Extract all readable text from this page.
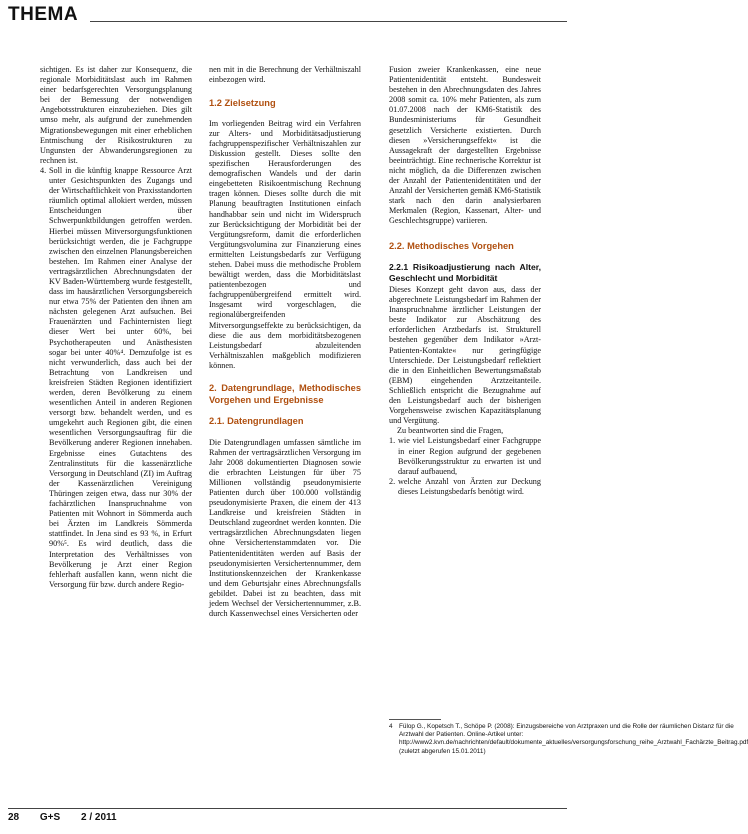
THEMA

sichtigen. Es ist daher zur Konsequenz, die regionale Morbiditätslast auch im Rahmen einer bedarfsgerechten Versorgungsplanung bei der Bemessung der notwendigen Angebotsstrukturen einzubeziehen. Dies gilt umso mehr, als aufgrund der zunehmenden Migrationsbewegungen mit einer erheblichen Entmischung der Risikostrukturen zu Ungunsten der Abwanderungsregionen zu rechnen ist.

4. Soll in die künftig knappe Ressource Arzt unter Gesichtspunkten des Zugangs und der Wirtschaftlichkeit von Praxisstandorten räumlich optimal allokiert werden, müssen Entscheidungen über Schwerpunktbildungen getroffen werden. Hierbei müssen Mitversorgungsfunktionen berücksichtigt werden, die je Fachgruppe zwischen den einzelnen Planungsbereichen bestehen. Im Rahmen einer Analyse der vertragsärztlichen Abrechnungsdaten der KV Baden-Württemberg wurde festgestellt, dass im hausärztlichen Versorgungsbereich nur etwa 75% der Patienten den ihnen am nächsten gelegenen Arzt aufsuchen. Bei Frauenärzten und Fachinternisten liegt dieser Wert bei unter 60%, bei Psychotherapeuten und Anästhesisten sogar bei unter 40%⁴. Demzufolge ist es nicht verwunderlich, dass auch bei der Betrachtung von Landkreisen und kreisfreien Städten Regionen identifiziert werden, deren Bevölkerung zu einem wesentlichen Anteil in anderen Regionen versorgt bzw. behandelt werden, und es umgekehrt auch Regionen gibt, die einen wesentlichen Versorgungsauftrag für die Bevölkerung anderer Regionen innehaben. Ergebnisse eines Gutachtens des Zentralinstituts für die kassenärztliche Versorgung in Deutschland (ZI) im Auftrag der Kassenärztlichen Vereinigung Thüringen zeigen etwa, dass nur 30% der fachärztlichen Inanspruchnahme von Patienten mit Wohnort in Sömmerda auch bei Ärzten im Landkreis Sömmerda stattfindet. In Jena sind es 93 %, in Erfurt 90%⁵. Es wird deutlich, dass die Interpretation des Verhältnisses von Bevölkerung je Arzt einer Region fehlerhaft ausfallen kann, wenn nicht die Versorgung für bzw. durch andere Regio-

nen mit in die Berechnung der Verhältniszahl einbezogen wird.

1.2 Zielsetzung

Im vorliegenden Beitrag wird ein Verfahren zur Alters- und Morbiditätsadjustierung fachgruppenspezifischer Verhältniszahlen zur Diskussion gestellt. Dieses sollte den spezifischen Herausforderungen des demografischen Wandels und der darin eingebetteten Risikoentmischung Rechnung tragen können. Dieses sollte durch die mit Planung beauftragten Institutionen einfach handhabbar sein und nicht im Widerspruch zur Berücksichtigung der Morbidität bei der Vergütungsreform, damit die erforderlichen Vergütungsvolumina zur Finanzierung eines ermittelten Leistungsbedarfs zur Verfügung stehen. Dabei muss die methodische Problem bewältigt werden, dass die Morbiditätslast patientenbezogen und fachgruppenübergreifend ermittelt wird. Insgesamt wird vorgeschlagen, die regionalübergreifenden Mitversorgungseffekte zu berücksichtigen, da diese die aus dem morbiditätsbezogenen Leistungsbedarf abzuleitenden Verhältniszahlen maßgeblich modifizieren können.

2. Datengrundlage, Methodisches Vorgehen und Ergebnisse
2.1. Datengrundlagen

Die Datengrundlagen umfassen sämtliche im Rahmen der vertragsärztlichen Versorgung im Jahr 2008 dokumentierten Diagnosen sowie die erbrachten Leistungen für über 75 Millionen vollständig pseudonymisierte Patienten durch über 100.000 vollständig pseudonymisierte Praxen, die einem der 413 Landkreise und kreisfreien Städten in Deutschland zugeordnet werden konnten. Die vertragsärztlichen Abrechnungsdaten liegen ohne Versichertenstammdaten vor. Die Patientenidentitäten werden auf Basis der pseudonymisierten Versichertennummer, dem Institutionskennzeichen der Krankenkasse und dem Geburtsjahr eines Abrechnungsfalls gebildet. Dabei ist zu beachten, dass mit jedem Wechsel der Versichertennummer, z.B. durch Kassenwechsel eines Versicherten oder

Fusion zweier Krankenkassen, eine neue Patientenidentität entsteht. Bundesweit bestehen in den Abrechnungsdaten des Jahres 2008 somit ca. 10% mehr Patienten, als zum 01.07.2008 nach der KM6-Statistik des Bundesministeriums für Gesundheit gesetzlich Versicherte existierten. Durch diesen »Versicherungseffekt« ist die Aussagekraft der dargestellten Ergebnisse beeinträchtigt. Eine rechnerische Korrektur ist nicht möglich, da die Differenzen zwischen der Anzahl der Patientenidentitäten und der Anzahl der Versicherten gemäß KM6-Statistik stark nach den darin analysierbaren Merkmalen (Region, Kassenart, Alter- und Geschlechtsgruppe) variieren.

2.2. Methodisches Vorgehen
2.2.1 Risikoadjustierung nach Alter, Geschlecht und Morbidität

Dieses Konzept geht davon aus, dass der abgerechnete Leistungsbedarf im Rahmen der Inanspruchnahme ärztlicher Leistungen der beste Indikator zur Abschätzung des erforderlichen Arztbedarfs ist. Strukturell bestehen gegenüber dem Indikator »Arzt-Patienten-Kontakte« nur geringfügige Unterschiede. Der Leistungsbedarf reflektiert die in den Einheitlichen Bewertungsmaßstab (EBM) eingehenden Arztzeitanteile. Schließlich entspricht die Bezugnahme auf den Leistungsbedarf auch der bisherigen Vorgehensweise zwischen Kapazitätsplanung und Vergütung.

Zu beantworten sind die Fragen,

1. wie viel Leistungsbedarf einer Fachgruppe in einer Region aufgrund der gegebenen Bevölkerungsstruktur zu erwarten ist und darauf aufbauend,
2. welche Anzahl von Ärzten zur Deckung dieses Leistungsbedarfs benötigt wird.
4	Fülop G., Kopetsch T., Schöpe P. (2008): Einzugsbereiche von Arztpraxen und die Rolle der räumlichen Distanz für die Arztwahl der Patienten. Online-Artikel unter: http://www2.kvn.de/nachrichten/default/dokumente_aktuelles/versorgungsforschung_reihe_Arztwahl_Fachärzte_Beitrag.pdf (zuletzt abgerufen 15.01.2011)
28 G+S 2 / 2011
